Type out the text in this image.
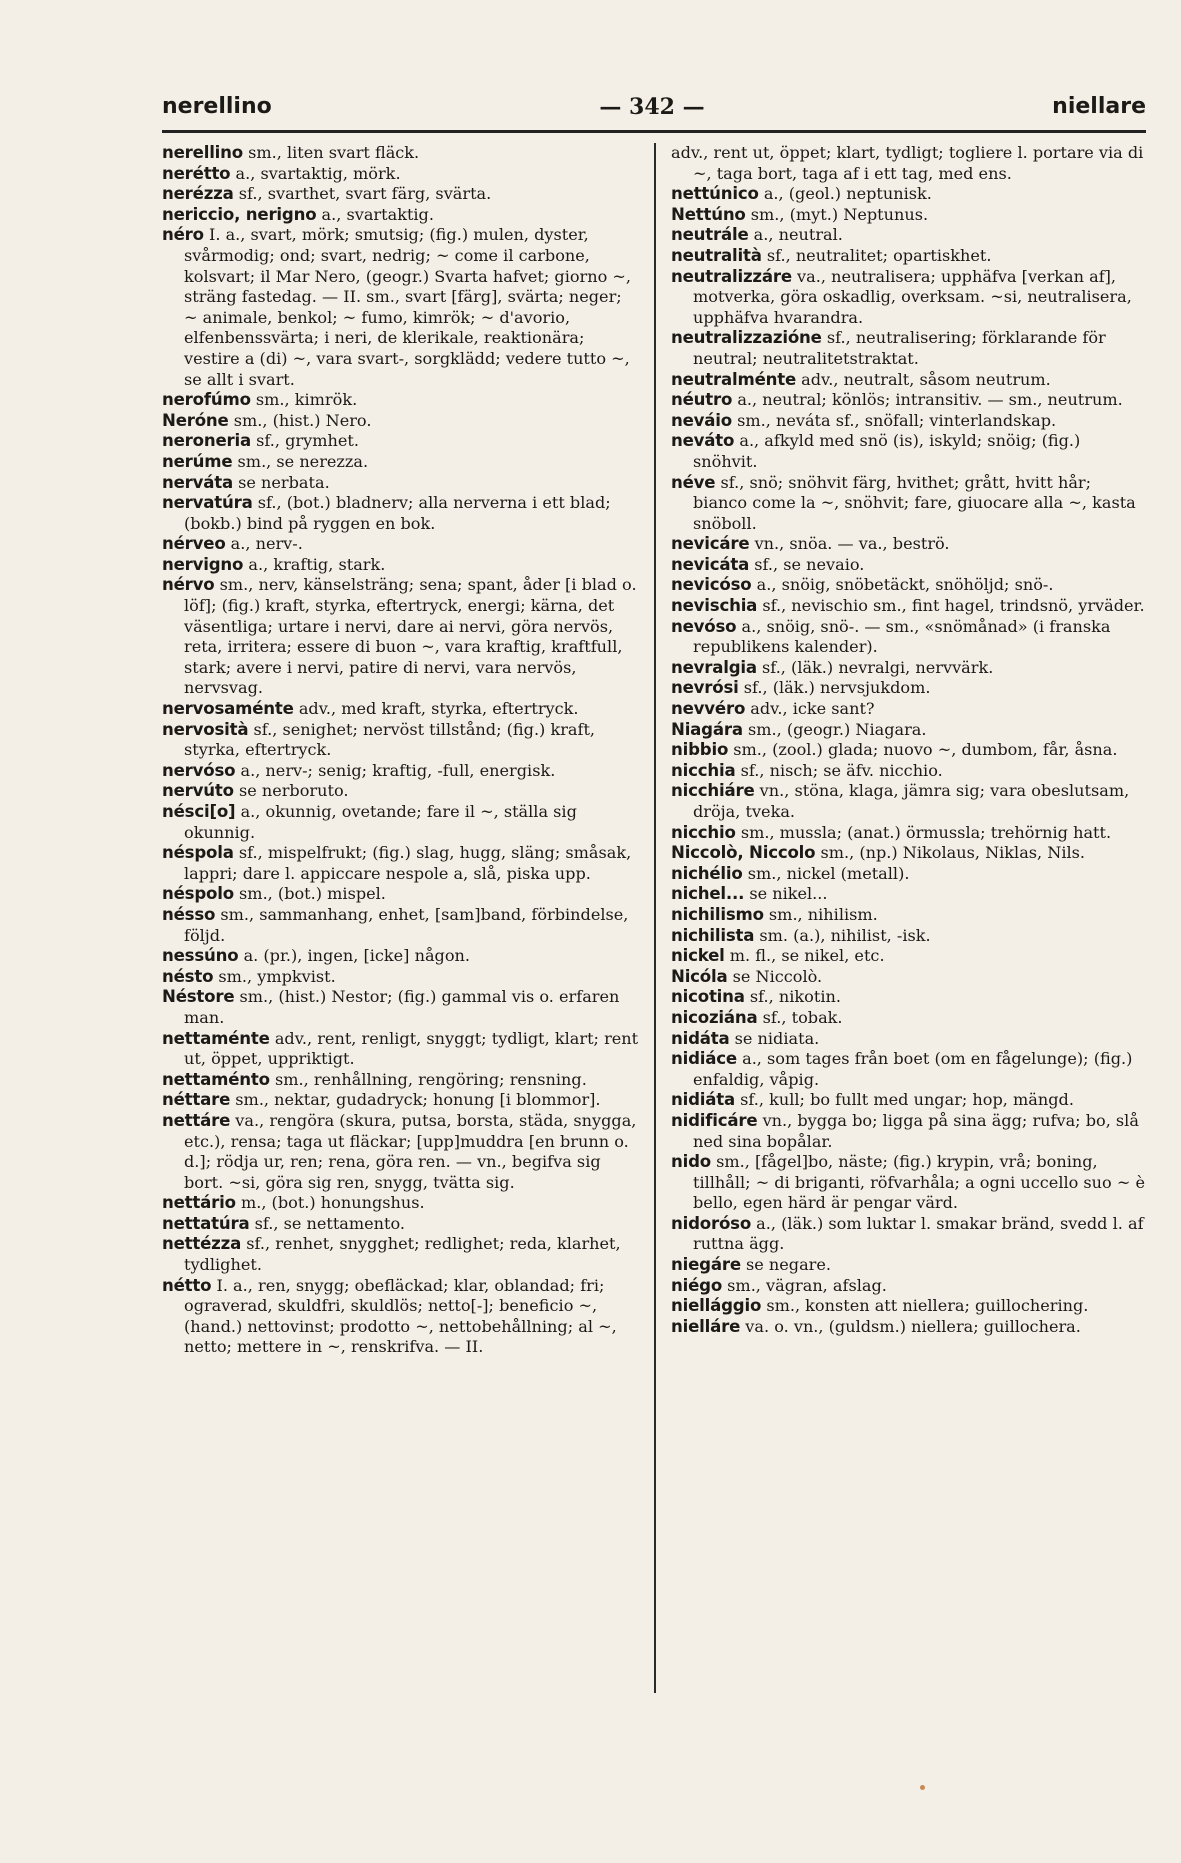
nerellino	— 342 —	niellare

nerellino sm., liten svart fläck.

nerétto a., svartaktig, mörk.

nerézza sf., svarthet, svart färg, svärta.

nericcio, nerigno a., svartaktig.

néro I. a., svart, mörk; smutsig; (fig.) mulen, dyster, svårmodig; ond; svart, nedrig; ~ come il carbone, kolsvart; il Mar Nero, (geogr.) Svarta hafvet; giorno ~, sträng fastedag. — II. sm., svart [färg], svärta; neger; ~ animale, benkol; ~ fumo, kimrök; ~ d'avorio, elfenbenssvärta; i neri, de klerikale, reaktionära; vestire a (di) ~, vara svart-, sorgklädd; vedere tutto ~, se allt i svart.

nerofúmo sm., kimrök.

Neróne sm., (hist.) Nero.

neroneria sf., grymhet.

nerúme sm., se nerezza.

nerváta se nerbata.

nervatúra sf., (bot.) bladnerv; alla nerverna i ett blad; (bokb.) bind på ryggen en bok.

nérveo a., nerv-.

nervigno a., kraftig, stark.

nérvo sm., nerv, känselsträng; sena; spant, åder [i blad o. löf]; (fig.) kraft, styrka, eftertryck, energi; kärna, det väsentliga; urtare i nervi, dare ai nervi, göra nervös, reta, irritera; essere di buon ~, vara kraftig, kraftfull, stark; avere i nervi, patire di nervi, vara nervös, nervsvag.

nervosaménte adv., med kraft, styrka, eftertryck.

nervosità sf., senighet; nervöst tillstånd; (fig.) kraft, styrka, eftertryck.

nervóso a., nerv-; senig; kraftig, -full, energisk.

nervúto se nerboruto.

nésci[o] a., okunnig, ovetande; fare il ~, ställa sig okunnig.

néspola sf., mispelfrukt; (fig.) slag, hugg, släng; småsak, lappri; dare l. appiccare nespole a, slå, piska upp.

néspolo sm., (bot.) mispel.

nésso sm., sammanhang, enhet, [sam]band, förbindelse, följd.

nessúno a. (pr.), ingen, [icke] någon.

nésto sm., ympkvist.

Néstore sm., (hist.) Nestor; (fig.) gammal vis o. erfaren man.

nettaménte adv., rent, renligt, snyggt; tydligt, klart; rent ut, öppet, uppriktigt.

nettaménto sm., renhållning, rengöring; rensning.

néttare sm., nektar, gudadryck; honung [i blommor].

nettáre va., rengöra (skura, putsa, borsta, städa, snygga, etc.), rensa; taga ut fläckar; [upp]muddra [en brunn o. d.]; rödja ur, ren; rena, göra ren. — vn., begifva sig bort. ~si, göra sig ren, snygg, tvätta sig.

nettário m., (bot.) honungshus.

nettatúra sf., se nettamento.

nettézza sf., renhet, snygghet; redlighet; reda, klarhet, tydlighet.

nétto I. a., ren, snygg; obefläckad; klar, oblandad; fri; ograverad, skuldfri, skuldlös; netto[-]; beneficio ~, (hand.) nettovinst; prodotto ~, nettobehållning; al ~, netto; mettere in ~, renskrifva. — II.

adv., rent ut, öppet; klart, tydligt; togliere l. portare via di ~, taga bort, taga af i ett tag, med ens.

nettúnico a., (geol.) neptunisk.

Nettúno sm., (myt.) Neptunus.

neutrále a., neutral.

neutralità sf., neutralitet; opartiskhet.

neutralizzáre va., neutralisera; upphäfva [verkan af], motverka, göra oskadlig, overksam. ~si, neutralisera, upphäfva hvarandra.

neutralizzazióne sf., neutralisering; förklarande för neutral; neutralitetstraktat.

neutralménte adv., neutralt, såsom neutrum.

néutro a., neutral; könlös; intransitiv. — sm., neutrum.

neváio sm., neváta sf., snöfall; vinterlandskap.

neváto a., afkyld med snö (is), iskyld; snöig; (fig.) snöhvit.

néve sf., snö; snöhvit färg, hvithet; grått, hvitt hår; bianco come la ~, snöhvit; fare, giuocare alla ~, kasta snöboll.

nevicáre vn., snöa. — va., beströ.

nevicáta sf., se nevaio.

nevicóso a., snöig, snöbetäckt, snöhöljd; snö-.

nevischia sf., nevischio sm., fint hagel, trindsnö, yrväder.

nevóso a., snöig, snö-. — sm., «snömånad» (i franska republikens kalender).

nevralgia sf., (läk.) nevralgi, nervvärk.

nevrósi sf., (läk.) nervsjukdom.

nevvéro adv., icke sant?

Niagára sm., (geogr.) Niagara.

nibbio sm., (zool.) glada; nuovo ~, dumbom, får, åsna.

nicchia sf., nisch; se äfv. nicchio.

nicchiáre vn., stöna, klaga, jämra sig; vara obeslutsam, dröja, tveka.

nicchio sm., mussla; (anat.) örmussla; trehörnig hatt.

Niccolò, Niccolo sm., (np.) Nikolaus, Niklas, Nils.

nichélio sm., nickel (metall).

nichel... se nikel...

nichilismo sm., nihilism.

nichilista sm. (a.), nihilist, -isk.

nickel m. fl., se nikel, etc.

Nicóla se Niccolò.

nicotina sf., nikotin.

nicoziána sf., tobak.

nidáta se nidiata.

nidiáce a., som tages från boet (om en fågelunge); (fig.) enfaldig, våpig.

nidiáta sf., kull; bo fullt med ungar; hop, mängd.

nidificáre vn., bygga bo; ligga på sina ägg; rufva; bo, slå ned sina bopålar.

nido sm., [fågel]bo, näste; (fig.) krypin, vrå; boning, tillhåll; ~ di briganti, röfvarhåla; a ogni uccello suo ~ è bello, egen härd är pengar värd.

nidoróso a., (läk.) som luktar l. smakar bränd, svedd l. af ruttna ägg.

niegáre se negare.

niégo sm., vägran, afslag.

niellággio sm., konsten att niellera; guillochering.

nielláre va. o. vn., (guldsm.) niellera; guillochera.
